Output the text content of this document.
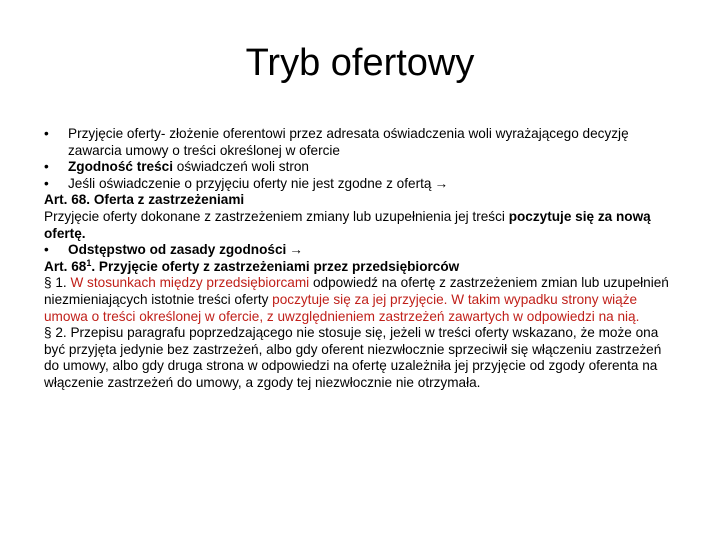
Tryb ofertowy
•	Przyjęcie oferty- złożenie oferentowi przez adresata oświadczenia woli wyrażającego decyzję zawarcia umowy o treści określonej w ofercie
•	Zgodność treści oświadczeń woli stron
•	Jeśli oświadczenie o przyjęciu oferty nie jest zgodne z ofertą →

Art. 68. Oferta z zastrzeżeniami

Przyjęcie oferty dokonane z zastrzeżeniem zmiany lub uzupełnienia jej treści poczytuje się za nową ofertę.

•	Odstępstwo od zasady zgodności →

Art. $68^1$. Przyjęcie oferty z zastrzeżeniami przez przedsiębiorców

§ 1. W stosunkach między przedsiębiorcami odpowiedź na ofertę z zastrzeżeniem zmian lub uzupełnień niezmieniających istotnie treści oferty poczytuje się za jej przyjęcie. W takim wypadku strony wiąże umowa o treści określonej w ofercie, z uwzględnieniem zastrzeżeń zawartych w odpowiedzi na nią.

§ 2. Przepisu paragrafu poprzedzającego nie stosuje się, jeżeli w treści oferty wskazano, że może ona być przyjęta jedynie bez zastrzeżeń, albo gdy oferent niezwłocznie sprzeciwił się włączeniu zastrzeżeń do umowy, albo gdy druga strona w odpowiedzi na ofertę uzależniła jej przyjęcie od zgody oferenta na włączenie zastrzeżeń do umowy, a zgody tej niezwłocznie nie otrzymała.
